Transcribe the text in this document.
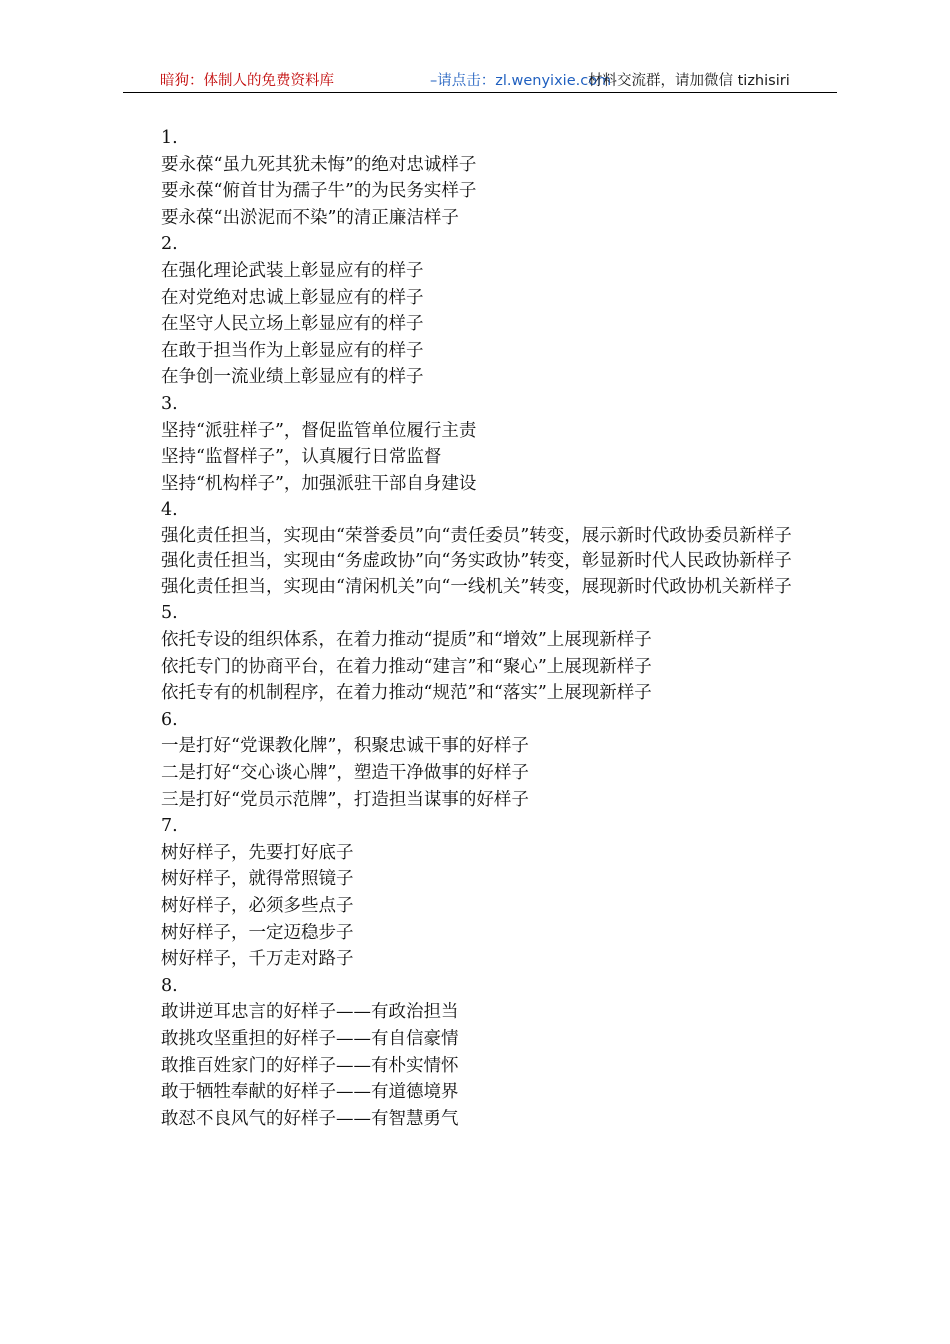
暗狗：体制人的免费资料库	–请点击：zl.wenyixie.com
材料交流群，请加微信 tizhisiri
1.
要永葆“虽九死其犹未悔”的绝对忠诚样子
要永葆“俯首甘为孺子牛”的为民务实样子
要永葆“出淤泥而不染”的清正廉洁样子
2.
在强化理论武装上彰显应有的样子
在对党绝对忠诚上彰显应有的样子
在坚守人民立场上彰显应有的样子
在敢于担当作为上彰显应有的样子
在争创一流业绩上彰显应有的样子
3.
坚持“派驻样子”，督促监管单位履行主责
坚持“监督样子”，认真履行日常监督
坚持“机构样子”，加强派驻干部自身建设
4.

强化责任担当，实现由“荣誉委员”向“责任委员”转变，展示新时代政协委员新样子

强化责任担当，实现由“务虚政协”向“务实政协”转变，彰显新时代人民政协新样子

强化责任担当，实现由“清闲机关”向“一线机关”转变，展现新时代政协机关新样子

5.
依托专设的组织体系，在着力推动“提质”和“增效”上展现新样子
依托专门的协商平台，在着力推动“建言”和“聚心”上展现新样子
依托专有的机制程序，在着力推动“规范”和“落实”上展现新样子
6.
一是打好“党课教化牌”，积聚忠诚干事的好样子
二是打好“交心谈心牌”，塑造干净做事的好样子
三是打好“党员示范牌”，打造担当谋事的好样子
7.
树好样子，先要打好底子
树好样子，就得常照镜子
树好样子，必须多些点子
树好样子，一定迈稳步子
树好样子，千万走对路子
8.
敢讲逆耳忠言的好样子——有政治担当
敢挑攻坚重担的好样子——有自信豪情
敢推百姓家门的好样子——有朴实情怀
敢于牺牲奉献的好样子——有道德境界
敢怼不良风气的好样子——有智慧勇气
